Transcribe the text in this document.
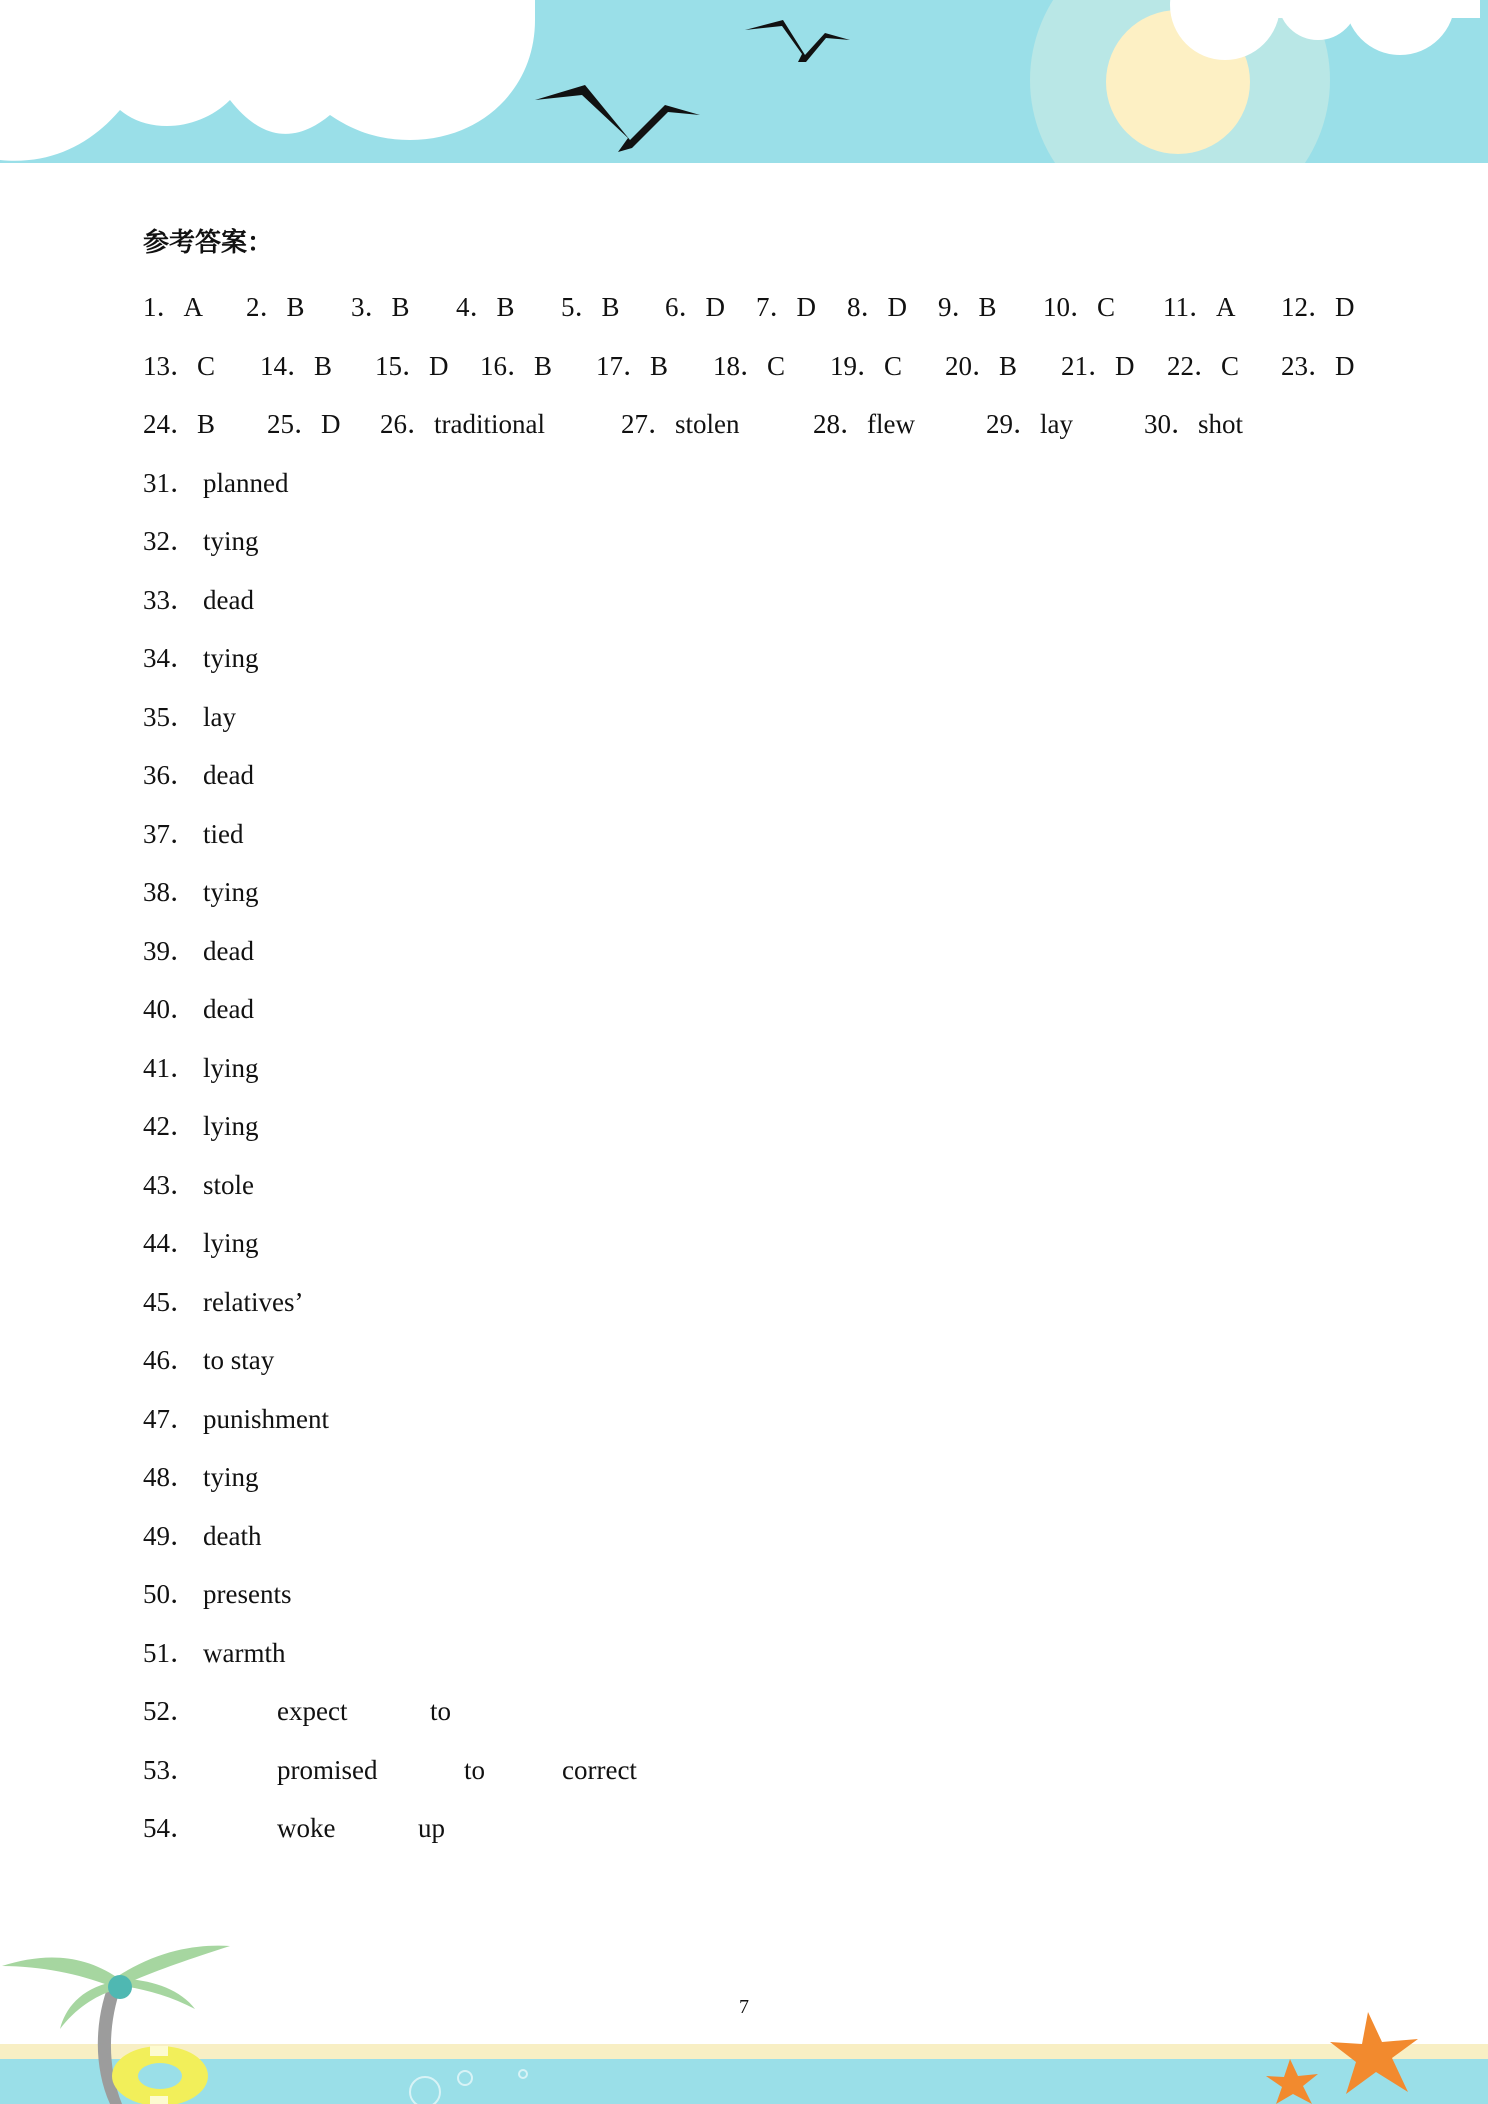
参考答案：
1．A 2．B 3．B 4．B 5．B 6．D 7．D 8．D 9．B 10．C 11．A 12．D
13．C 14．B 15．D 16．B 17．B 18．C 19．C 20．B 21．D 22．C 23．D
24．B 25．D 26．traditional	27．stolen	28．flew	29．lay	30．shot
31． planned
32． tying
33． dead
34． tying
35． lay
36． dead
37． tied
38． tying
39． dead
40． dead
41． lying
42． lying
43． stole
44． lying
45． relatives’
46． to stay
47． punishment
48． tying
49． death
50． presents
51． warmth
52．	expect	to
53．	promised	to	correct
54．	woke	up
7
